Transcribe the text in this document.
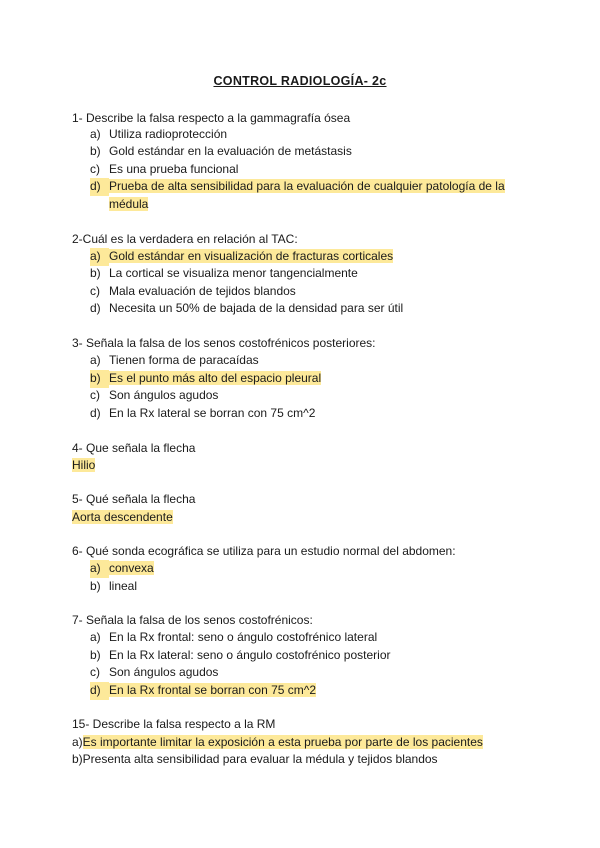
CONTROL RADIOLOGÍA- 2c
1- Describe la falsa respecto a la gammagrafía ósea
a) Utiliza radioprotección
b) Gold estándar en la evaluación de metástasis
c) Es una prueba funcional
d) Prueba de alta sensibilidad para la evaluación de cualquier patología de la médula
2-Cuál es la verdadera en relación al TAC:
a) Gold estándar en visualización de fracturas corticales
b) La cortical se visualiza menor tangencialmente
c) Mala evaluación de tejidos blandos
d) Necesita un 50% de bajada de la densidad para ser útil
3- Señala la falsa de los senos costofrénicos posteriores:
a) Tienen forma de paracaídas
b) Es el punto más alto del espacio pleural
c) Son ángulos agudos
d) En la Rx lateral se borran con 75 cm^2
4- Que señala la flecha
Hilio
5- Qué señala la flecha
Aorta descendente
6- Qué sonda ecográfica se utiliza para un estudio normal del abdomen:
a) convexa
b) lineal
7- Señala la falsa de los senos costofrénicos:
a) En la Rx frontal: seno o ángulo costofrénico lateral
b) En la Rx lateral: seno o ángulo costofrénico posterior
c) Son ángulos agudos
d) En la Rx frontal se borran con 75 cm^2
15- Describe la falsa respecto a la RM
a)Es importante limitar la exposición a esta prueba por parte de los pacientes
b)Presenta alta sensibilidad para evaluar la médula y tejidos blandos
